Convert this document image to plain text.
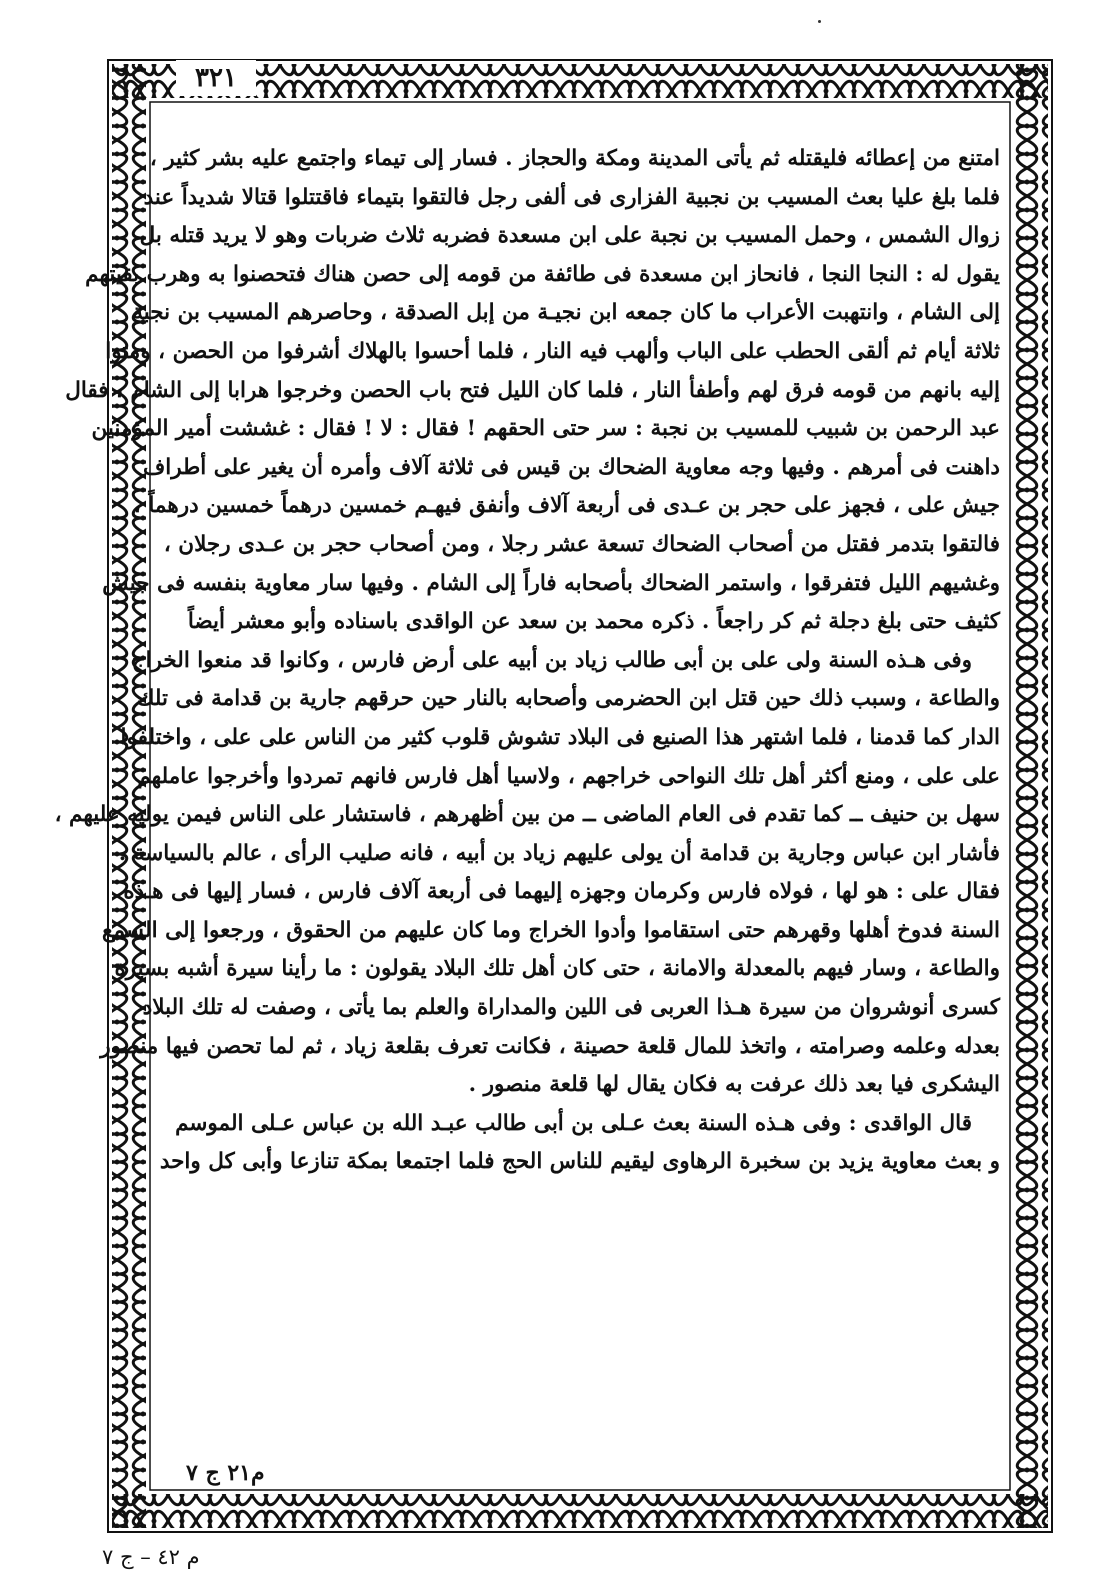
٣٢١
امتنع من إعطائه فليقتله ثم يأتى المدينة ومكة والحجاز . فسار إلى تيماء واجتمع عليه بشر كثير ،
فلما بلغ عليا بعث المسيب بن نجبية الفزارى فى ألفى رجل فالتقوا بتيماء فاقتتلوا قتالا شديداً عند
زوال الشمس ، وحمل المسيب بن نجبة على ابن مسعدة فضربه ثلاث ضربات وهو لا يريد قتله بل
يقول له : النجا النجا ، فانحاز ابن مسعدة فى طائفة من قومه إلى حصن هناك فتحصنوا به وهرب بقيتهم
إلى الشام ، وانتهبت الأعراب ما كان جمعه ابن نجيـة من إبل الصدقة ، وحاصرهم المسيب بن نجبة
ثلاثة أيام ثم ألقى الحطب على الباب وألهب فيه النار ، فلما أحسوا بالهلاك أشرفوا من الحصن ، ومتوا
إليه بانهم من قومه فرق لهم وأطفأ النار ، فلما كان الليل فتح باب الحصن وخرجوا هرابا إلى الشام ، فقال
عبد الرحمن بن شبيب للمسيب بن نجبة : سر حتى الحقهم ! فقال : لا ! فقال : غششت أمير المؤمنين
داهنت فى أمرهم . وفيها وجه معاوية الضحاك بن قيس فى ثلاثة آلاف وأمره أن يغير على أطراف
جيش على ، فجهز على حجر بن عـدى فى أربعة آلاف وأنفق فيهـم خمسين درهماً خمسين درهماً ،
فالتقوا بتدمر فقتل من أصحاب الضحاك تسعة عشر رجلا ، ومن أصحاب حجر بن عـدى رجلان ،
وغشيهم الليل فتفرقوا ، واستمر الضحاك بأصحابه فاراً إلى الشام . وفيها سار معاوية بنفسه فى جيش
كثيف حتى بلغ دجلة ثم كر راجعاً . ذكره محمد بن سعد عن الواقدى باسناده وأبو معشر أيضاً
وفى هـذه السنة ولى على بن أبى طالب زياد بن أبيه على أرض فارس ، وكانوا قد منعوا الخراج
والطاعة ، وسبب ذلك حين قتل ابن الحضرمى وأصحابه بالنار حين حرقهم جارية بن قدامة فى تلك
الدار كما قدمنا ، فلما اشتهر هذا الصنيع فى البلاد تشوش قلوب كثير من الناس على على ، واختلفوا
على على ، ومنع أكثر أهل تلك النواحى خراجهم ، ولاسيا أهل فارس فانهم تمردوا وأخرجوا عاملهم
سهل بن حنيف ــ كما تقدم فى العام الماضى ــ من بين أظهرهم ، فاستشار على الناس فيمن يوليه عليهم ،
فأشار ابن عباس وجارية بن قدامة أن يولى عليهم زياد بن أبيه ، فانه صليب الرأى ، عالم بالسياسة .
فقال على : هو لها ، فولاه فارس وكرمان وجهزه إليهما فى أربعة آلاف فارس ، فسار إليها فى هـذه
السنة فدوخ أهلها وقهرهم حتى استقاموا وأدوا الخراج وما كان عليهم من الحقوق ، ورجعوا إلى السمع
والطاعة ، وسار فيهم بالمعدلة والامانة ، حتى كان أهل تلك البلاد يقولون : ما رأينا سيرة أشبه بسيرة
كسرى أنوشروان من سيرة هـذا العربى فى اللين والمداراة والعلم بما يأتى ، وصفت له تلك البلاد
بعدله وعلمه وصرامته ، واتخذ للمال قلعة حصينة ، فكانت تعرف بقلعة زياد ، ثم لما تحصن فيها منصور
اليشكرى فيا بعد ذلك عرفت به فكان يقال لها قلعة منصور .
قال الواقدى : وفى هـذه السنة بعث عـلى بن أبى طالب عبـد الله بن عباس عـلى الموسم
و بعث معاوية يزيد بن سخبرة الرهاوى ليقيم للناس الحج فلما اجتمعا بمكة تنازعا وأبى كل واحد
م٢١ ج ٧
م ٤٢ – ج ٧
